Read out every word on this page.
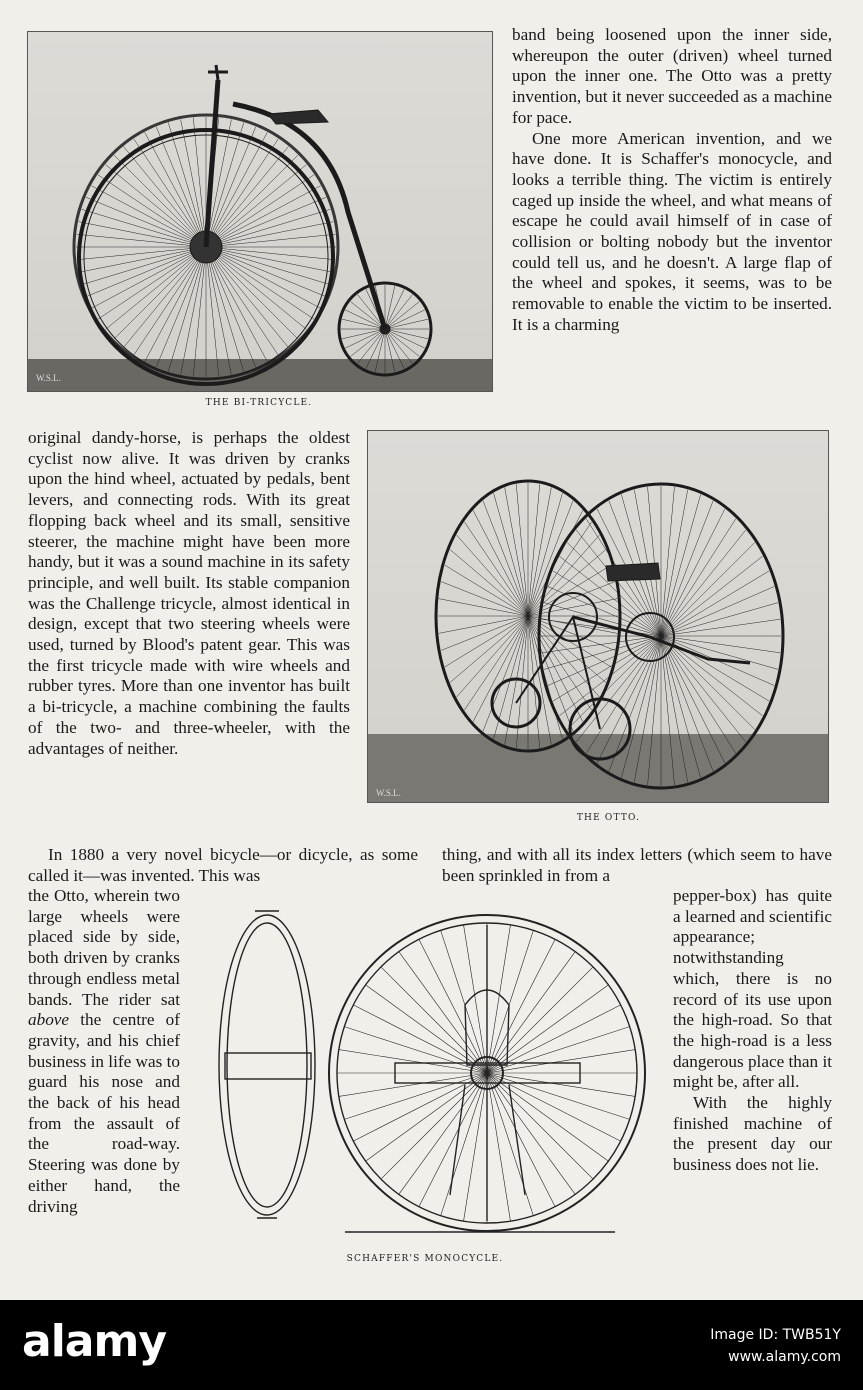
W.S.L.
THE BI-TRICYCLE.

band being loosened upon the inner side, whereupon the outer (driven) wheel turned upon the inner one. The Otto was a pretty invention, but it never succeeded as a machine for pace.

One more American invention, and we have done. It is Schaffer's monocycle, and looks a terrible thing. The victim is entirely caged up inside the wheel, and what means of escape he could avail himself of in case of collision or bolting nobody but the inventor could tell us, and he doesn't. A large flap of the wheel and spokes, it seems, was to be removable to enable the victim to be inserted. It is a charming

original dandy-horse, is perhaps the oldest cyclist now alive. It was driven by cranks upon the hind wheel, actuated by pedals, bent levers, and connecting rods. With its great flopping back wheel and its small, sensitive steerer, the machine might have been more handy, but it was a sound machine in its safety principle, and well built. Its stable companion was the Challenge tricycle, almost identical in design, except that two steering wheels were used, turned by Blood's patent gear. This was the first tricycle made with wire wheels and rubber tyres. More than one inventor has built a bi-tricycle, a machine combining the faults of the two- and three-wheeler, with the advantages of neither.

W.S.L.
THE OTTO.

In 1880 a very novel bicycle—or dicycle, as some called it—was invented. This was

the Otto, wherein two large wheels were placed side by side, both driven by cranks through endless metal bands. The rider sat above the centre of gravity, and his chief business in life was to guard his nose and the back of his head from the assault of the road-way. Steering was done by either hand, the driving

thing, and with all its index letters (which seem to have been sprinkled in from a

pepper-box) has quite a learned and scientific appearance; notwithstanding which, there is no record of its use upon the high-road. So that the high-road is a less dangerous place than it might be, after all.

With the highly finished machine of the present day our business does not lie.

SCHAFFER'S MONOCYCLE.
alamy	Image ID: TWB51Y
www.alamy.com
